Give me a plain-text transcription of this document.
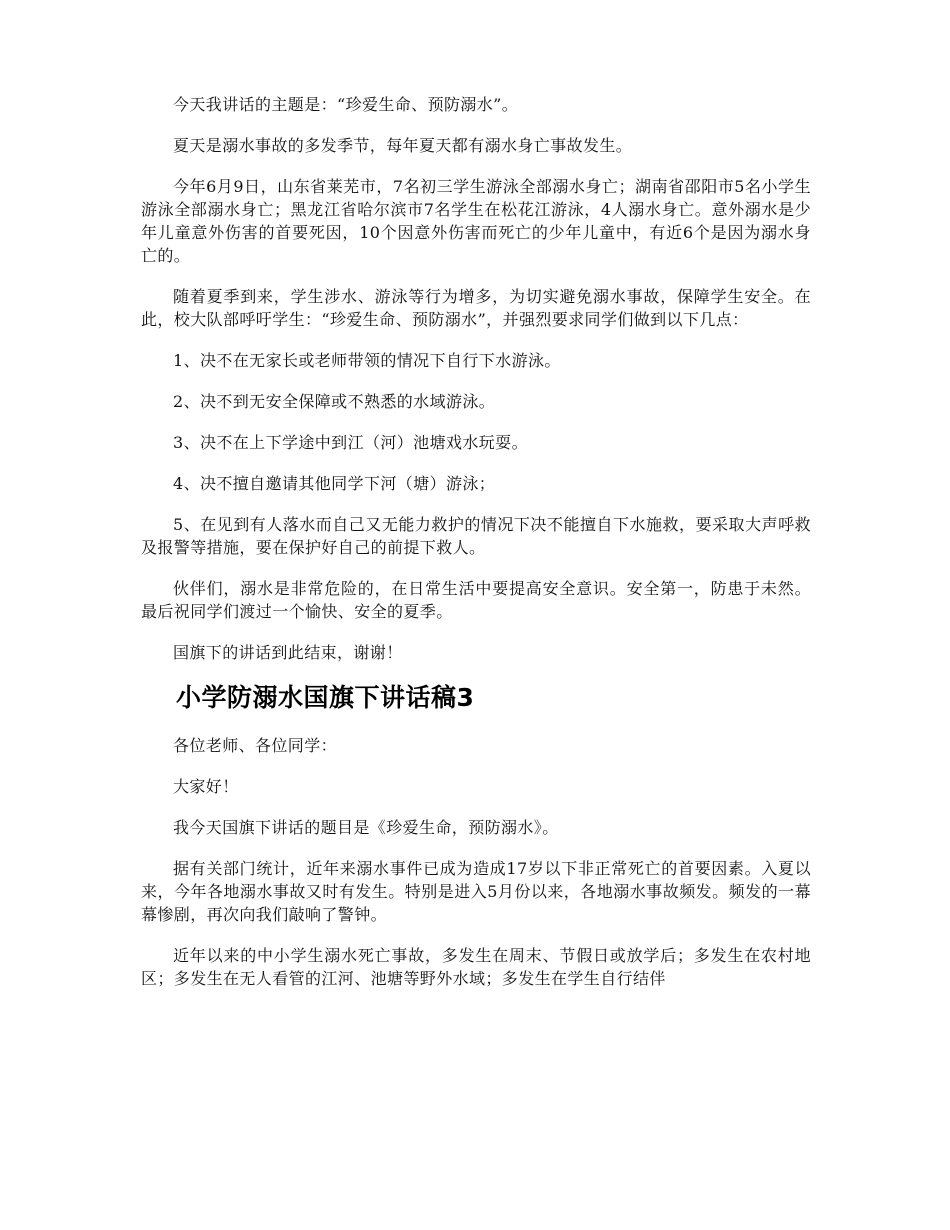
今天我讲话的主题是：“珍爱生命、预防溺水”。

夏天是溺水事故的多发季节，每年夏天都有溺水身亡事故发生。

今年6月9日，山东省莱芜市，7名初三学生游泳全部溺水身亡；湖南省邵阳市5名小学生游泳全部溺水身亡；黑龙江省哈尔滨市7名学生在松花江游泳，4人溺水身亡。意外溺水是少年儿童意外伤害的首要死因，10个因意外伤害而死亡的少年儿童中，有近6个是因为溺水身亡的。

随着夏季到来，学生涉水、游泳等行为增多，为切实避免溺水事故，保障学生安全。在此，校大队部呼吁学生：“珍爱生命、预防溺水”，并强烈要求同学们做到以下几点：

1、决不在无家长或老师带领的情况下自行下水游泳。

2、决不到无安全保障或不熟悉的水域游泳。

3、决不在上下学途中到江（河）池塘戏水玩耍。

4、决不擅自邀请其他同学下河（塘）游泳；

5、在见到有人落水而自己又无能力救护的情况下决不能擅自下水施救，要采取大声呼救及报警等措施，要在保护好自己的前提下救人。

伙伴们，溺水是非常危险的，在日常生活中要提高安全意识。安全第一，防患于未然。最后祝同学们渡过一个愉快、安全的夏季。

国旗下的讲话到此结束，谢谢！

小学防溺水国旗下讲话稿3

各位老师、各位同学：

大家好！

我今天国旗下讲话的题目是《珍爱生命，预防溺水》。

据有关部门统计，近年来溺水事件已成为造成17岁以下非正常死亡的首要因素。入夏以来，今年各地溺水事故又时有发生。特别是进入5月份以来，各地溺水事故频发。频发的一幕幕惨剧，再次向我们敲响了警钟。

近年以来的中小学生溺水死亡事故，多发生在周末、节假日或放学后；多发生在农村地区；多发生在无人看管的江河、池塘等野外水域；多发生在学生自行结伴
